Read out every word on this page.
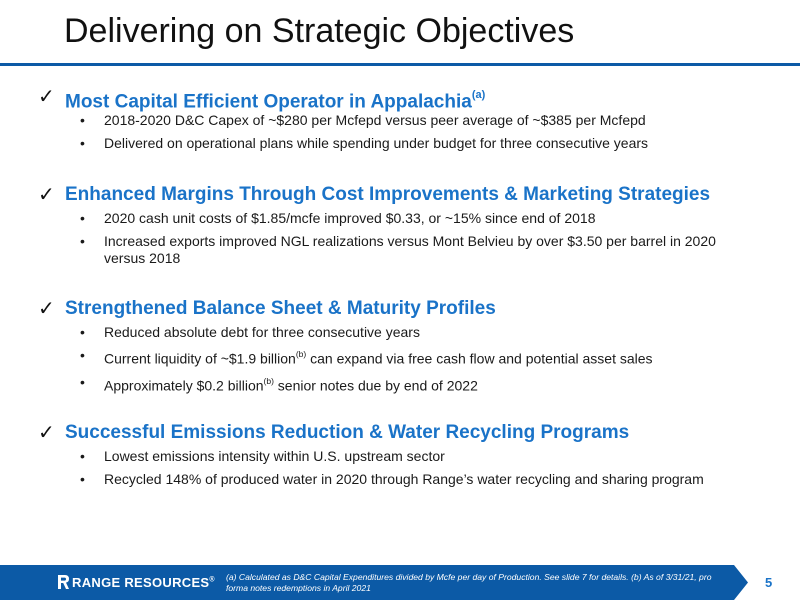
Delivering on Strategic Objectives
✓ Most Capital Efficient Operator in Appalachia$^{(a)}$
• 2018-2020 D&C Capex of ~$280 per Mcfepd versus peer average of ~$385 per Mcfepd
• Delivered on operational plans while spending under budget for three consecutive years
✓ Enhanced Margins Through Cost Improvements & Marketing Strategies
• 2020 cash unit costs of $1.85/mcfe improved $0.33, or ~15% since end of 2018
• Increased exports improved NGL realizations versus Mont Belvieu by over $3.50 per barrel in 2020 versus 2018
✓ Strengthened Balance Sheet & Maturity Profiles
• Reduced absolute debt for three consecutive years
• Current liquidity of ~$1.9 billion$^{(b)}$ can expand via free cash flow and potential asset sales
• Approximately $0.2 billion$^{(b)}$ senior notes due by end of 2022
✓ Successful Emissions Reduction & Water Recycling Programs
• Lowest emissions intensity within U.S. upstream sector
• Recycled 148% of produced water in 2020 through Range’s water recycling and sharing program
RANGE RESOURCES® (a) Calculated as D&C Capital Expenditures divided by Mcfe per day of Production. See slide 7 for details. (b) As of 3/31/21, pro forma notes redemptions in April 2021	5
